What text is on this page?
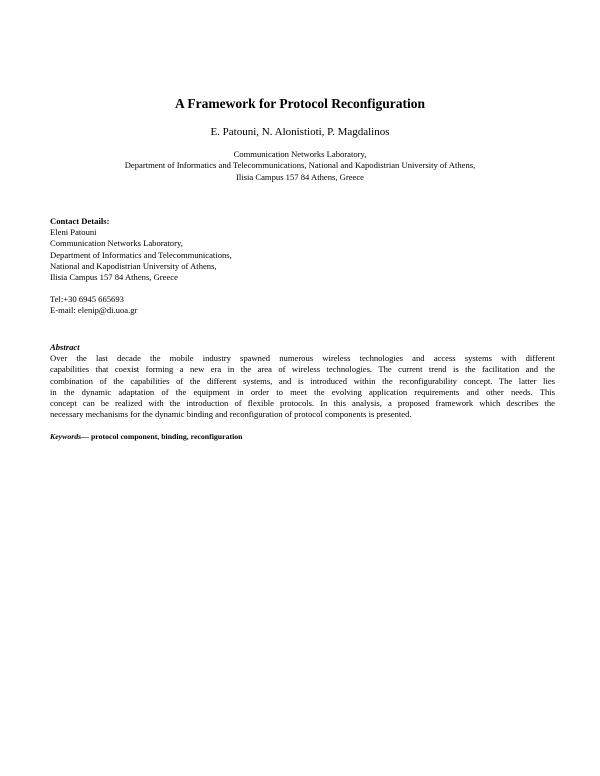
A Framework for Protocol Reconfiguration
E. Patouni, N. Alonistioti, P. Magdalinos
Communication Networks Laboratory,
Department of Informatics and Telecommunications, National and Kapodistrian University of Athens,
Ilisia Campus 157 84 Athens, Greece
Contact Details:
Eleni Patouni
Communication Networks Laboratory,
Department of Informatics and Telecommunications,
National and Kapodistrian University of Athens,
Ilisia Campus 157 84 Athens, Greece
Tel:+30 6945 665693
E-mail: elenip@di.uoa.gr
Abstract
Over the last decade the mobile industry spawned numerous wireless technologies and access systems with different
capabilities that coexist forming a new era in the area of wireless technologies. The current trend is the facilitation and the
combination of the capabilities of the different systems, and is introduced within the reconfigurability concept. The latter lies
in the dynamic adaptation of the equipment in order to meet the evolving application requirements and other needs. This
concept can be realized with the introduction of flexible protocols. In this analysis, a proposed framework which describes the
necessary mechanisms for the dynamic binding and reconfiguration of protocol components is presented.
Keywords— protocol component, binding, reconfiguration
